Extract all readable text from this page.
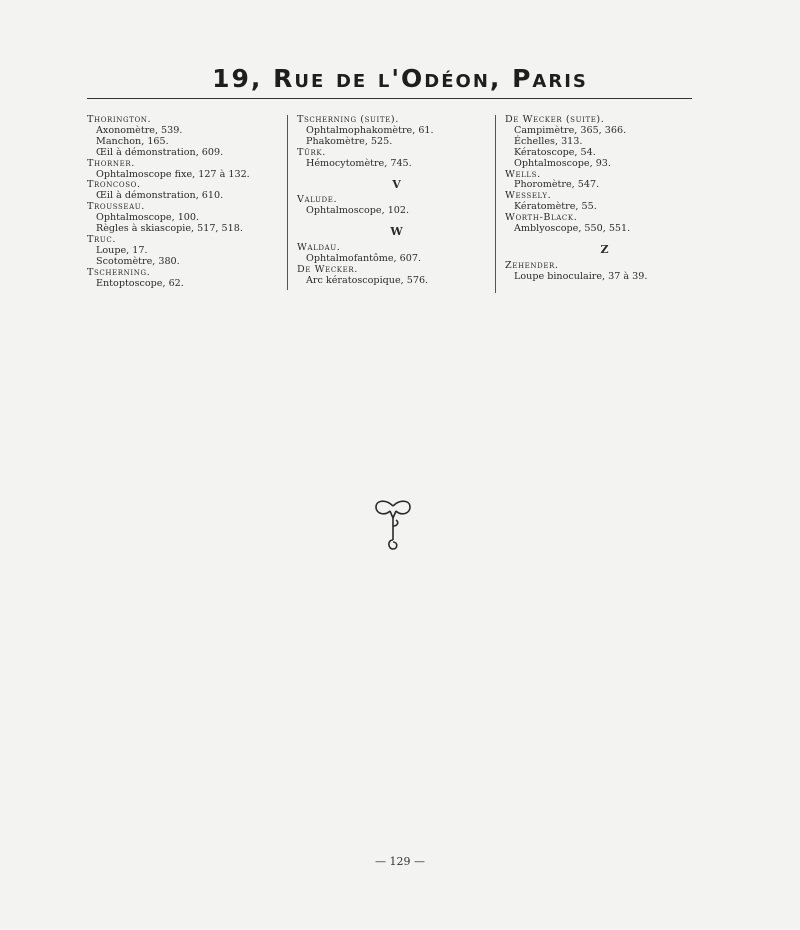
19, Rue de l'Odéon, Paris
Thorington.
Axonomètre, 539.
Manchon, 165.
Œil à démonstration, 609.
Thorner.
Ophtalmoscope fixe, 127 à 132.
Troncoso.
Œil à démonstration, 610.
Trousseau.
Ophtalmoscope, 100.
Règles à skiascopie, 517, 518.
Truc.
Loupe, 17.
Scotomètre, 380.
Tscherning.
Entoptoscope, 62.
Tscherning (suite).
Ophtalmophakomètre, 61.
Phakomètre, 525.
Türk.
Hémocytomètre, 745.
V
Valude.
Ophtalmoscope, 102.
W
Waldau.
Ophtalmofantôme, 607.
De Wecker.
Arc kératoscopique, 576.
De Wecker (suite).
Campimètre, 365, 366.
Échelles, 313.
Kératoscope, 54.
Ophtalmoscope, 93.
Wells.
Phoromètre, 547.
Wessely.
Kératomètre, 55.
Worth-Black.
Amblyoscope, 550, 551.
Z
Zehender.
Loupe binoculaire, 37 à 39.
— 129 —
